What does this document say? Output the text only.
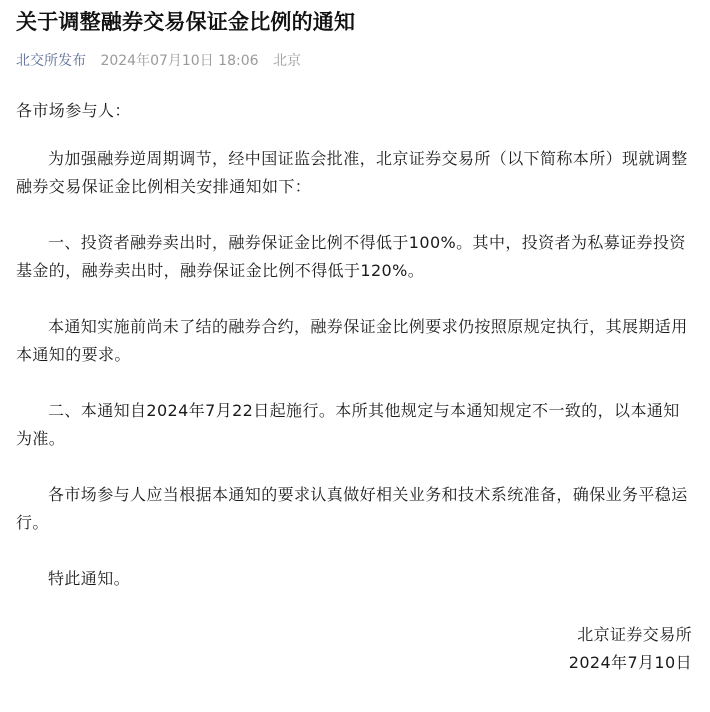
关于调整融券交易保证金比例的通知
北交所发布 2024年07月10日 18:06 北京

各市场参与人：

为加强融券逆周期调节，经中国证监会批准，北京证券交易所（以下简称本所）现就调整融券交易保证金比例相关安排通知如下：

一、投资者融券卖出时，融券保证金比例不得低于100%。其中，投资者为私募证券投资基金的，融券卖出时，融券保证金比例不得低于120%。

本通知实施前尚未了结的融券合约，融券保证金比例要求仍按照原规定执行，其展期适用本通知的要求。

二、本通知自2024年7月22日起施行。本所其他规定与本通知规定不一致的，以本通知为准。

各市场参与人应当根据本通知的要求认真做好相关业务和技术系统准备，确保业务平稳运行。

特此通知。

北京证券交易所
2024年7月10日
